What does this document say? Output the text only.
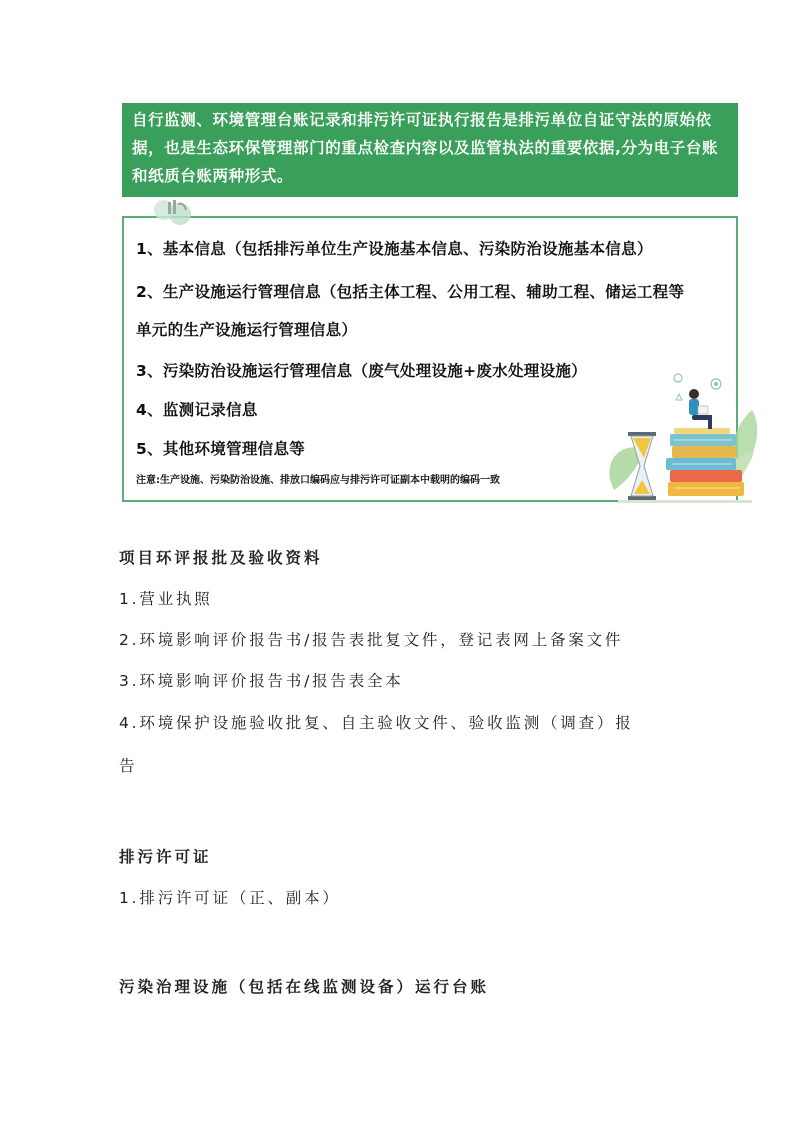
自行监测、环境管理台账记录和排污许可证执行报告是排污单位自证守法的原始依

据，也是生态环保管理部门的重点检查内容以及监管执法的重要依据,分为电子台账

和纸质台账两种形式。

1、基本信息（包括排污单位生产设施基本信息、污染防治设施基本信息）
2、生产设施运行管理信息（包括主体工程、公用工程、辅助工程、储运工程等
单元的生产设施运行管理信息）
3、污染防治设施运行管理信息（废气处理设施+废水处理设施）
4、监测记录信息
5、其他环境管理信息等
注意:生产设施、污染防治设施、排放口编码应与排污许可证副本中载明的编码一致
项目环评报批及验收资料
1.营业执照
2.环境影响评价报告书/报告表批复文件，登记表网上备案文件
3.环境影响评价报告书/报告表全本
4.环境保护设施验收批复、自主验收文件、验收监测（调查）报
告
排污许可证
1.排污许可证（正、副本）
污染治理设施（包括在线监测设备）运行台账
